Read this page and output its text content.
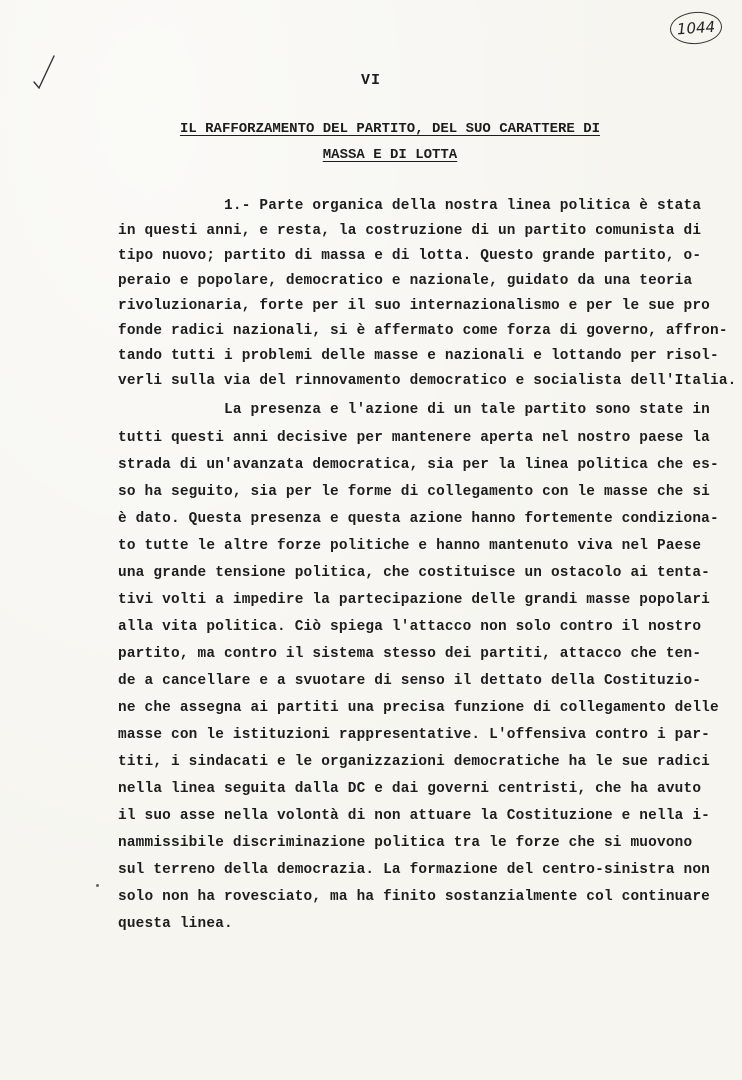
1044
VI
IL RAFFORZAMENTO DEL PARTITO, DEL SUO CARATTERE DI
MASSA E DI LOTTA
1.- Parte organica della nostra linea politica è stata
in questi anni, e resta, la costruzione di un partito comunista di
tipo nuovo; partito di massa e di lotta. Questo grande partito, o-
peraio e popolare, democratico e nazionale, guidato da una teoria
rivoluzionaria, forte per il suo internazionalismo e per le sue pro
fonde radici nazionali, si è affermato come forza di governo, affron-
tando tutti i problemi delle masse e nazionali e lottando per risol-
verli sulla via del rinnovamento democratico e socialista dell'Italia.
La presenza e l'azione di un tale partito sono state in
tutti questi anni decisive per mantenere aperta nel nostro paese la
strada di un'avanzata democratica, sia per la linea politica che es-
so ha seguito, sia per le forme di collegamento con le masse che si
è dato. Questa presenza e questa azione hanno fortemente condiziona-
to tutte le altre forze politiche e hanno mantenuto viva nel Paese
una grande tensione politica, che costituisce un ostacolo ai tenta-
tivi volti a impedire la partecipazione delle grandi masse popolari
alla vita politica. Ciò spiega l'attacco non solo contro il nostro
partito, ma contro il sistema stesso dei partiti, attacco che ten-
de a cancellare e a svuotare di senso il dettato della Costituzio-
ne che assegna ai partiti una precisa funzione di collegamento delle
masse con le istituzioni rappresentative. L'offensiva contro i par-
titi, i sindacati e le organizzazioni democratiche ha le sue radici
nella linea seguita dalla DC e dai governi centristi, che ha avuto
il suo asse nella volontà di non attuare la Costituzione e nella i-
nammissibile discriminazione politica tra le forze che si muovono
sul terreno della democrazia. La formazione del centro-sinistra non
solo non ha rovesciato, ma ha finito sostanzialmente col continuare
questa linea.
